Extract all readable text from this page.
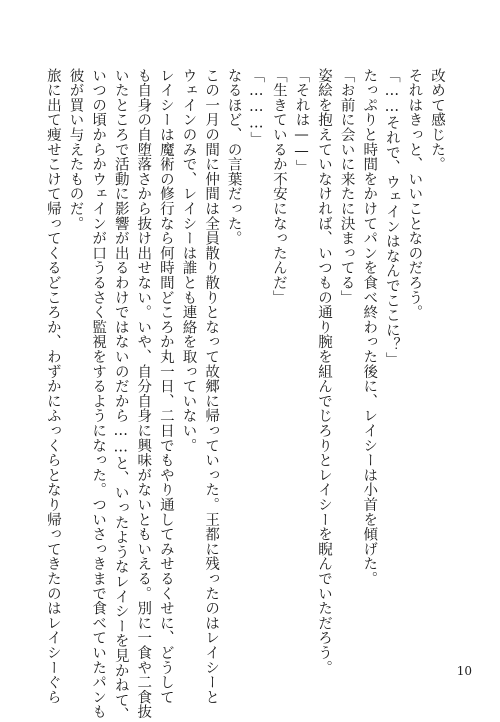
改めて感じた。
それはきっと、いいことなのだろう。
「……それで、ウェインはなんでここに？」
たっぷりと時間をかけてパンを食べ終わった後に、レイシーは小首を傾げた。
「お前に会いに来たに決まってる」
姿絵を抱えていなければ、いつもの通り腕を組んでじろりとレイシーを睨んでいただろう。
「それは——」
「生きているか不安になったんだ」
「………」
なるほど、の言葉だった。
この一月の間に仲間は全員散り散りとなって故郷に帰っていった。王都に残ったのはレイシーと
ウェインのみで、レイシーは誰とも連絡を取っていない。
レイシーは魔術の修行なら何時間どころか丸一日、二日でもやり通してみせるくせに、どうして
も自身の自堕落さから抜け出せない。いや、自分自身に興味がないともいえる。別に一食や二食抜
いたところで活動に影響が出るわけではないのだから……と、いったようなレイシーを見かねて、
いつの頃からかウェインが口うるさく監視をするようになった。ついさっきまで食べていたパンも
彼が買い与えたものだ。
旅に出て痩せこけて帰ってくるどころか、わずかにふっくらとなり帰ってきたのはレイシーぐら	10
